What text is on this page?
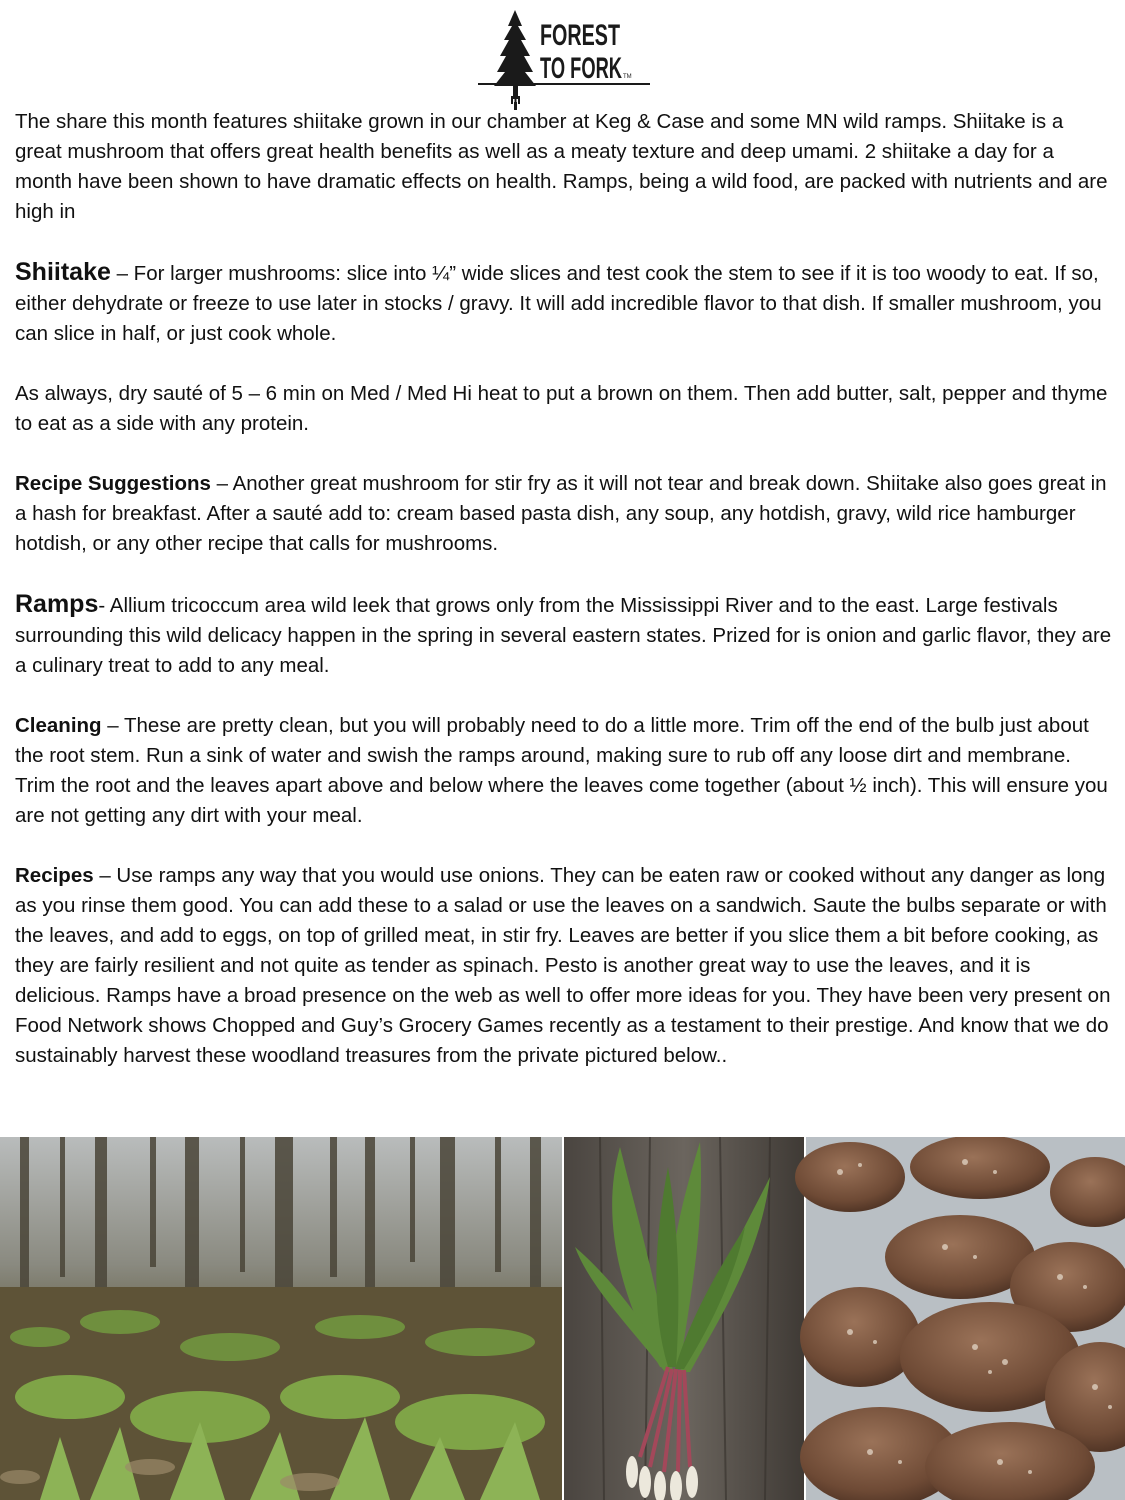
FOREST
TO FORK TM

The share this month features shiitake grown in our chamber at Keg & Case and some MN wild ramps. Shiitake is a great mushroom that offers great health benefits as well as a meaty texture and deep umami. 2 shiitake a day for a month have been shown to have dramatic effects on health. Ramps, being a wild food, are packed with nutrients and are high in

Shiitake – For larger mushrooms: slice into ¼” wide slices and test cook the stem to see if it is too woody to eat. If so, either dehydrate or freeze to use later in stocks / gravy. It will add incredible flavor to that dish. If smaller mushroom, you can slice in half, or just cook whole.

As always, dry sauté of 5 – 6 min on Med / Med Hi heat to put a brown on them. Then add butter, salt, pepper and thyme to eat as a side with any protein.

Recipe Suggestions – Another great mushroom for stir fry as it will not tear and break down. Shiitake also goes great in a hash for breakfast. After a sauté add to: cream based pasta dish, any soup, any hotdish, gravy, wild rice hamburger hotdish, or any other recipe that calls for mushrooms.

Ramps- Allium tricoccum area wild leek that grows only from the Mississippi River and to the east. Large festivals surrounding this wild delicacy happen in the spring in several eastern states. Prized for is onion and garlic flavor, they are a culinary treat to add to any meal.

Cleaning – These are pretty clean, but you will probably need to do a little more. Trim off the end of the bulb just about the root stem. Run a sink of water and swish the ramps around, making sure to rub off any loose dirt and membrane. Trim the root and the leaves apart above and below where the leaves come together (about ½ inch). This will ensure you are not getting any dirt with your meal.

Recipes – Use ramps any way that you would use onions. They can be eaten raw or cooked without any danger as long as you rinse them good. You can add these to a salad or use the leaves on a sandwich. Saute the bulbs separate or with the leaves, and add to eggs, on top of grilled meat, in stir fry. Leaves are better if you slice them a bit before cooking, as they are fairly resilient and not quite as tender as spinach. Pesto is another great way to use the leaves, and it is delicious. Ramps have a broad presence on the web as well to offer more ideas for you. They have been very present on Food Network shows Chopped and Guy’s Grocery Games recently as a testament to their prestige. And know that we do sustainably harvest these woodland treasures from the private pictured below..
